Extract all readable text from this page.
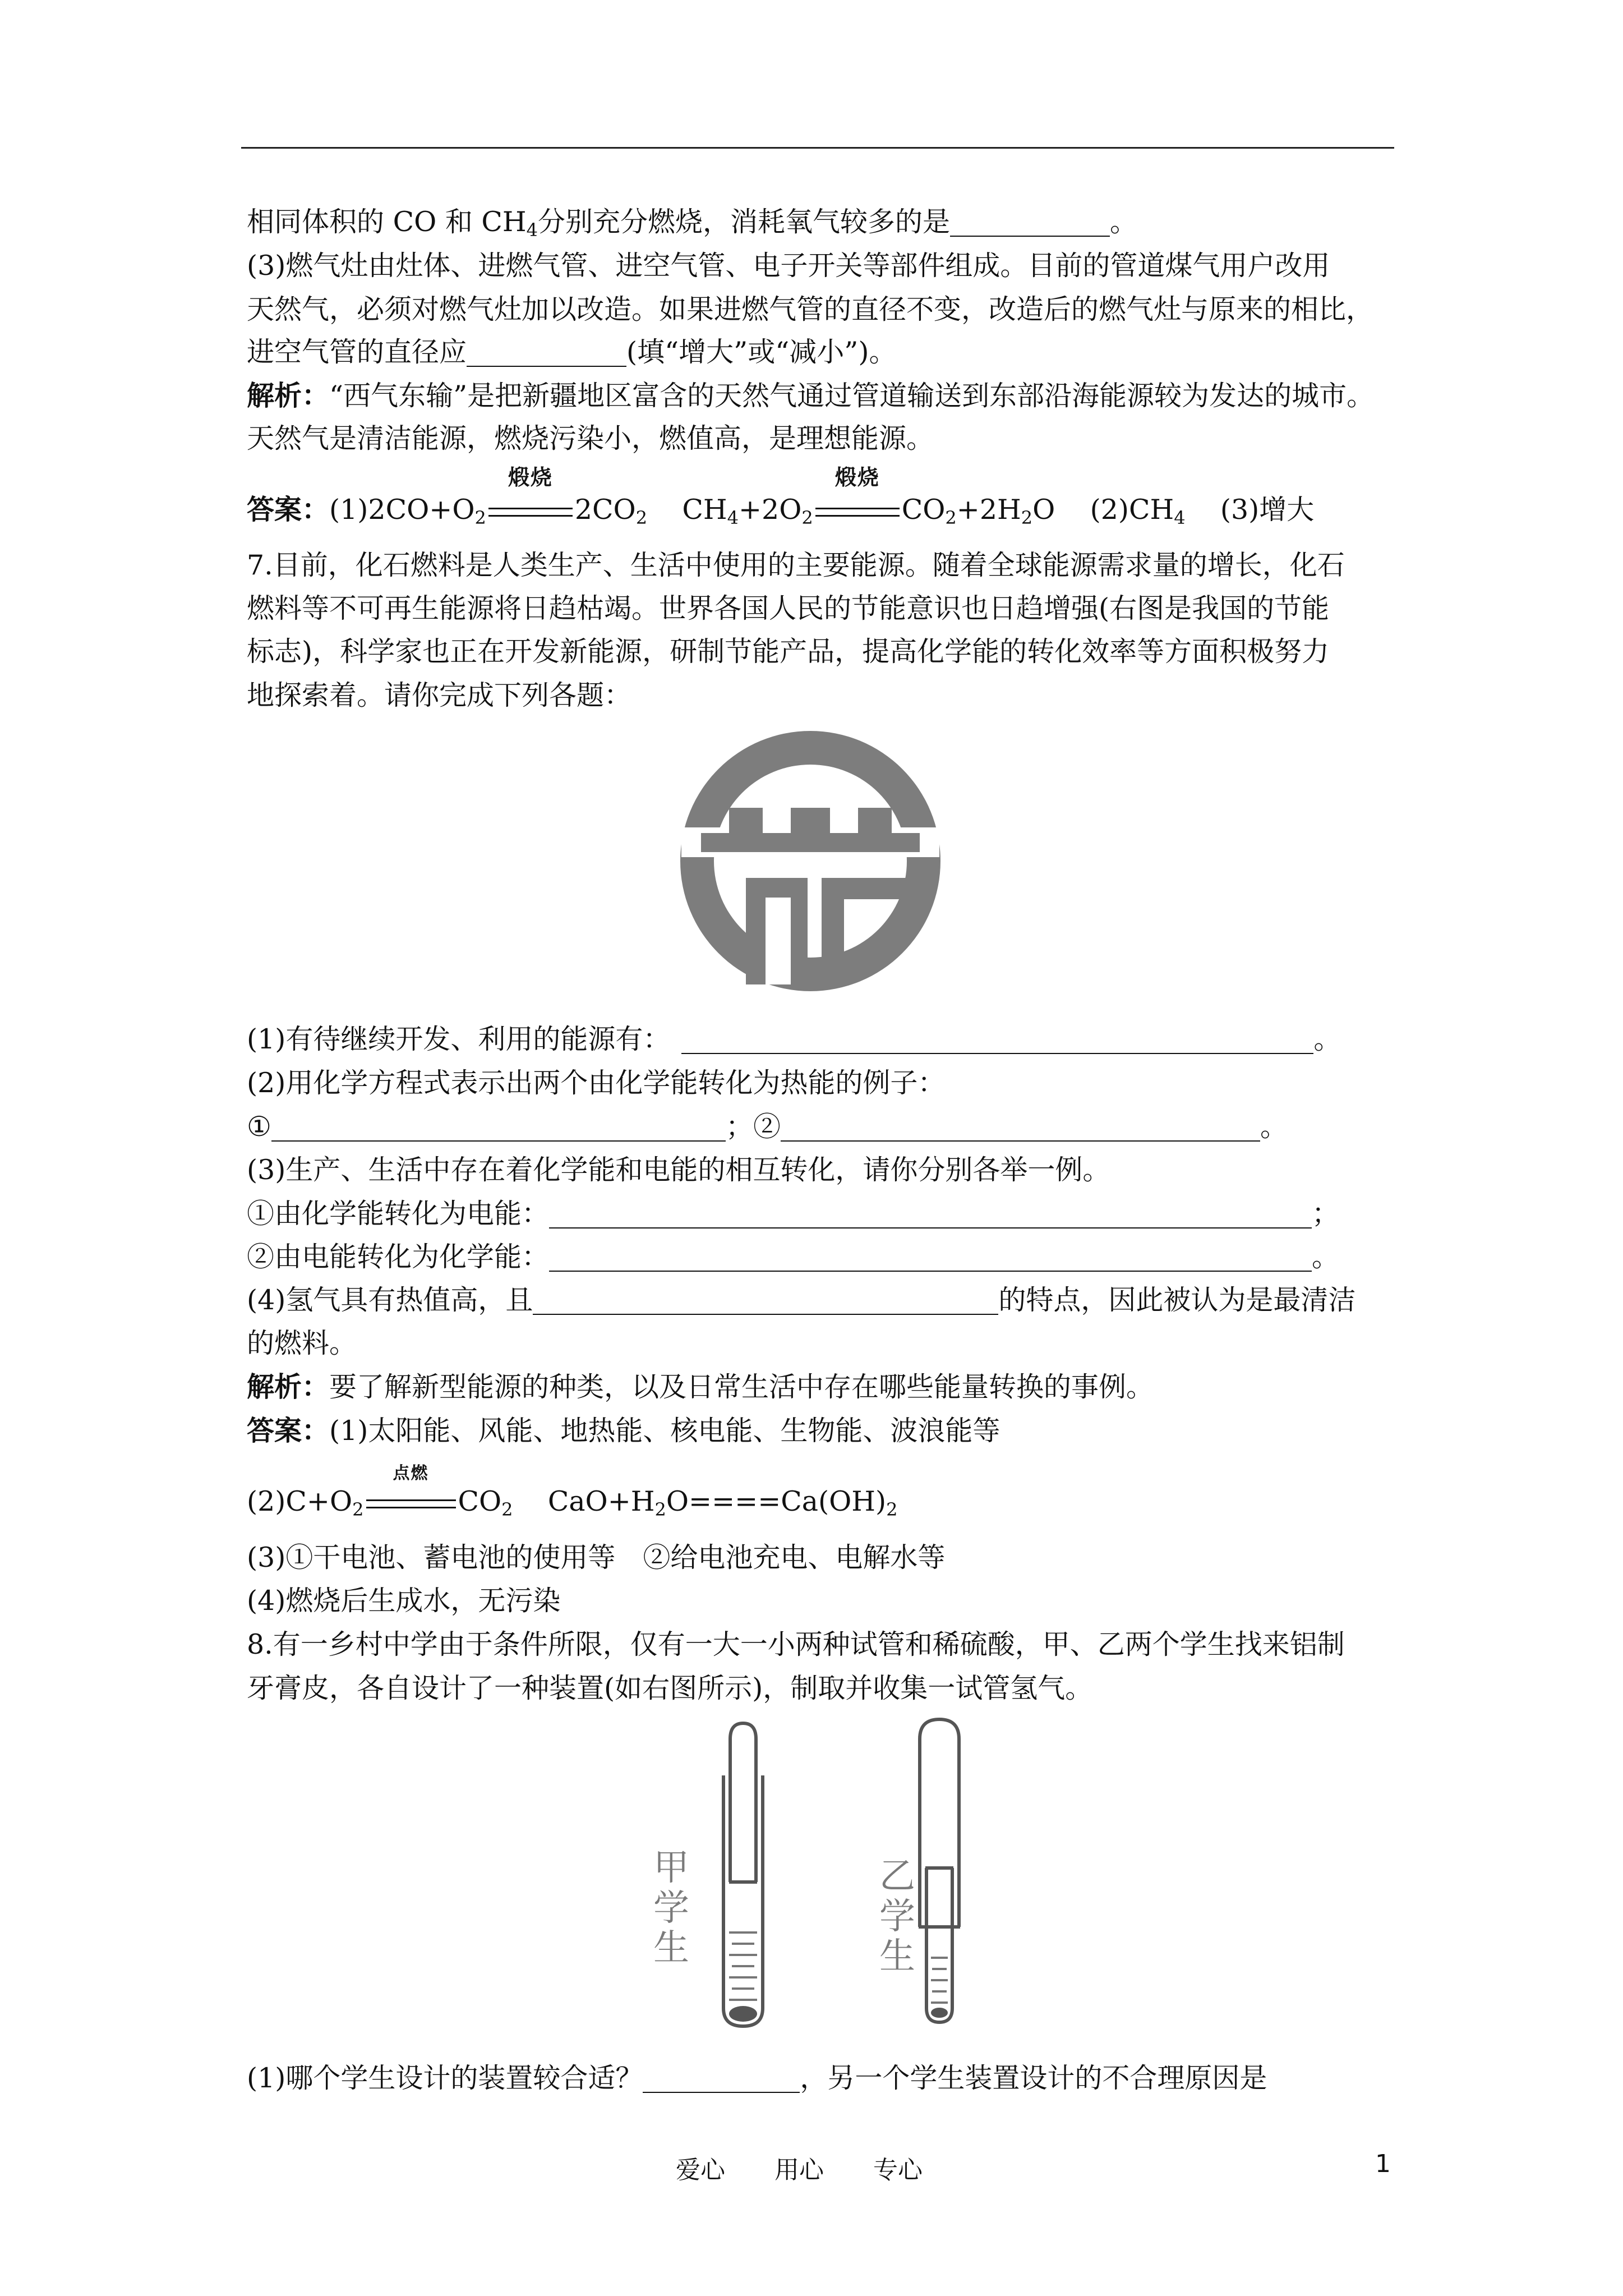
相同体积的 CO 和 $CH_4$分别充分燃烧，消耗氧气较多的是	。
(3)燃气灶由灶体、进燃气管、进空气管、电子开关等部件组成。目前的管道煤气用户改用
天然气，必须对燃气灶加以改造。如果进燃气管的直径不变，改造后的燃气灶与原来的相比，
进空气管的直径应	(填“增大”或“减小”)。
解析：“西气东输”是把新疆地区富含的天然气通过管道输送到东部沿海能源较为发达的城市。
天然气是清洁能源，燃烧污染小，燃值高，是理想能源。
答案：$(1)2CO+O_2$
煅烧
$2CO_2$ $CH_4+2O_2$
煅烧
$CO_2+2H_2O$ $(2)CH_4$ (3)增大
7.目前，化石燃料是人类生产、生活中使用的主要能源。随着全球能源需求量的增长，化石
燃料等不可再生能源将日趋枯竭。世界各国人民的节能意识也日趋增强(右图是我国的节能
标志)，科学家也正在开发新能源，研制节能产品，提高化学能的转化效率等方面积极努力
地探索着。请你完成下列各题：
(1)有待继续开发、利用的能源有：	。
(2)用化学方程式表示出两个由化学能转化为热能的例子：
①	；②	。
(3)生产、生活中存在着化学能和电能的相互转化，请你分别各举一例。
①由化学能转化为电能：	；
②由电能转化为化学能：	。
(4)氢气具有热值高，且	的特点，因此被认为是最清洁
的燃料。
解析：要了解新型能源的种类，以及日常生活中存在哪些能量转换的事例。
答案：(1)太阳能、风能、地热能、核电能、生物能、波浪能等
$(2)C+O_2$
点燃
$CO_2$ $CaO+H_2O====Ca(OH)_2$
(3)①干电池、蓄电池的使用等　②给电池充电、电解水等
(4)燃烧后生成水，无污染
8.有一乡村中学由于条件所限，仅有一大一小两种试管和稀硫酸，甲、乙两个学生找来铝制
牙膏皮，各自设计了一种装置(如右图所示)，制取并收集一试管氢气。
甲学生
乙学生
(1)哪个学生设计的装置较合适？	，另一个学生装置设计的不合理原因是
爱心　　用心　　专心	1
